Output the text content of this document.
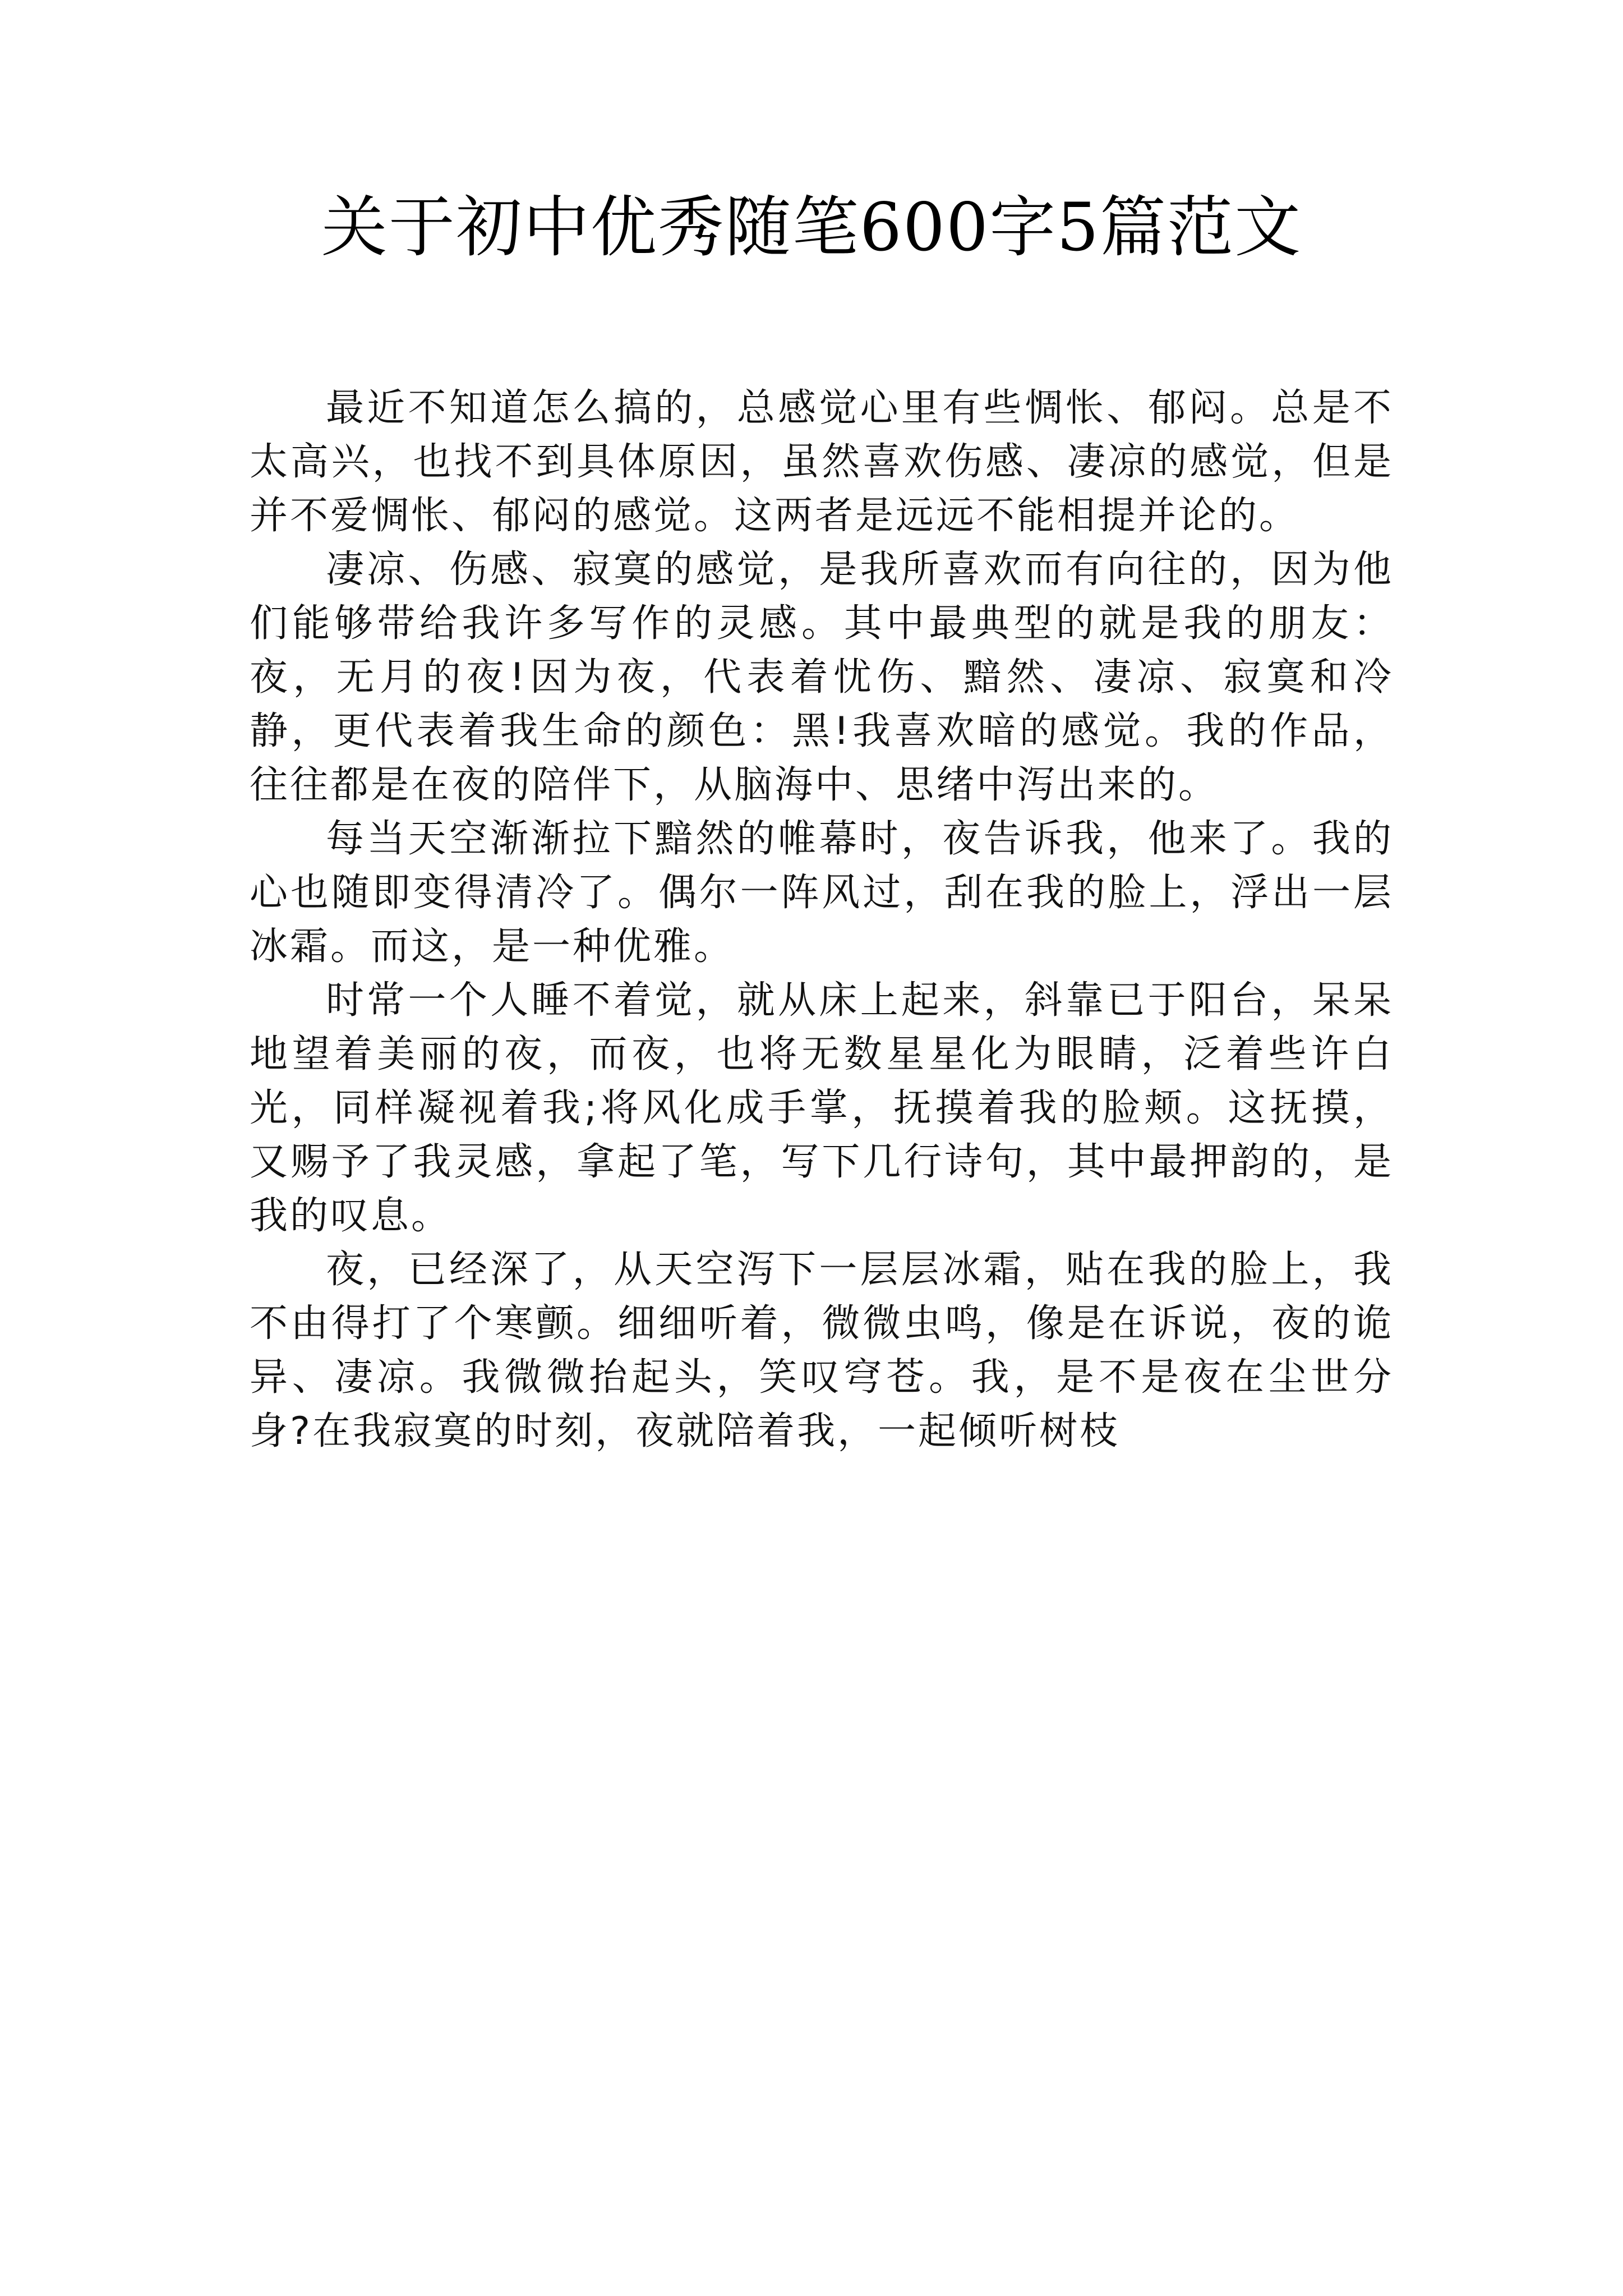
关于初中优秀随笔600字5篇范文

最近不知道怎么搞的，总感觉心里有些惆怅、郁闷。总是不太高兴，也找不到具体原因，虽然喜欢伤感、凄凉的感觉，但是并不爱惆怅、郁闷的感觉。这两者是远远不能相提并论的。

凄凉、伤感、寂寞的感觉，是我所喜欢而有向往的，因为他们能够带给我许多写作的灵感。其中最典型的就是我的朋友：夜，无月的夜!因为夜，代表着忧伤、黯然、凄凉、寂寞和冷静，更代表着我生命的颜色：黑!我喜欢暗的感觉。我的作品，往往都是在夜的陪伴下，从脑海中、思绪中泻出来的。

每当天空渐渐拉下黯然的帷幕时，夜告诉我，他来了。我的心也随即变得清冷了。偶尔一阵风过，刮在我的脸上，浮出一层冰霜。而这，是一种优雅。

时常一个人睡不着觉，就从床上起来，斜靠已于阳台，呆呆地望着美丽的夜，而夜，也将无数星星化为眼睛，泛着些许白光，同样凝视着我;将风化成手掌，抚摸着我的脸颊。这抚摸，又赐予了我灵感，拿起了笔，写下几行诗句，其中最押韵的，是我的叹息。

夜，已经深了，从天空泻下一层层冰霜，贴在我的脸上，我不由得打了个寒颤。细细听着，微微虫鸣，像是在诉说，夜的诡异、凄凉。我微微抬起头，笑叹穹苍。我，是不是夜在尘世分身?在我寂寞的时刻，夜就陪着我，一起倾听树枝
